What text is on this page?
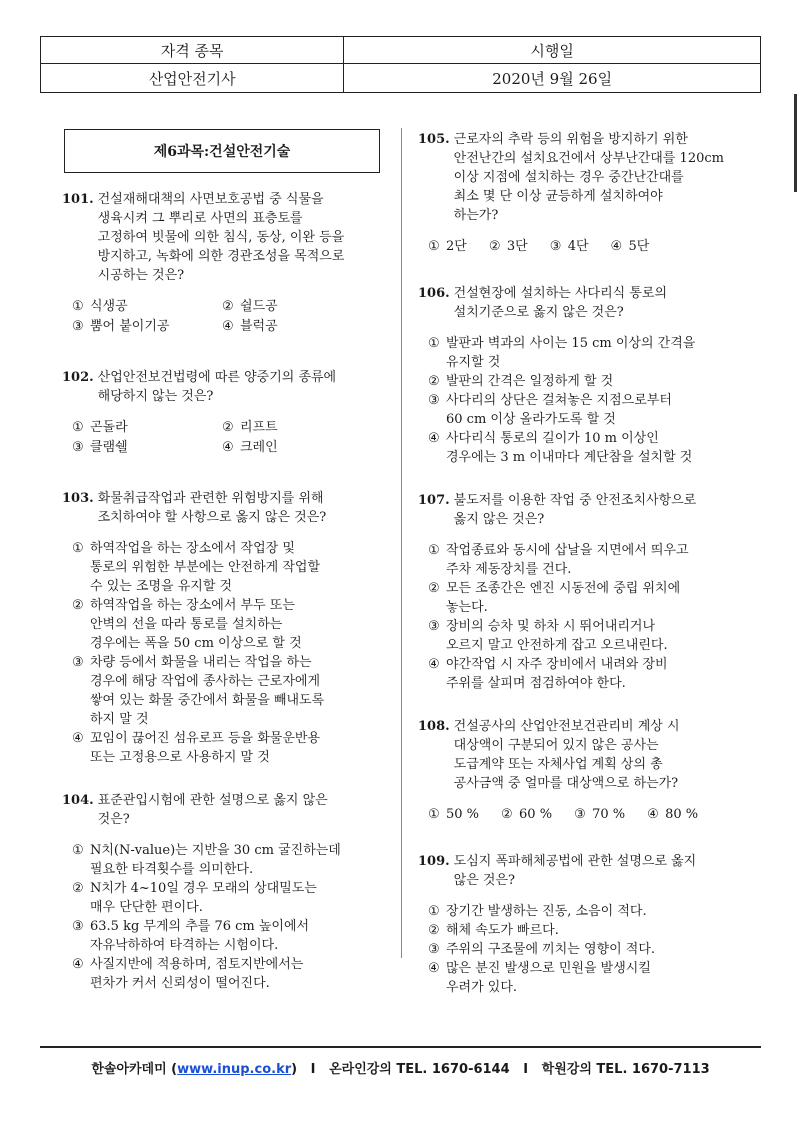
자격 종목	시행일
산업안전기사	2020년 9월 26일
제6과목:건설안전기술
101. 건설재해대책의 사면보호공법 중 식물을
생육시켜 그 뿌리로 사면의 표층토를
고정하여 빗물에 의한 침식, 동상, 이완 등을
방지하고, 녹화에 의한 경관조성을 목적으로
시공하는 것은?
① 식생공	② 쉴드공
③ 뿜어 붙이기공	④ 블럭공
102. 산업안전보건법령에 따른 양중기의 종류에
해당하지 않는 것은?
① 곤돌라	② 리프트
③ 클램쉘	④ 크레인
103. 화물취급작업과 관련한 위험방지를 위해
조치하여야 할 사항으로 옳지 않은 것은?
① 하역작업을 하는 장소에서 작업장 및
통로의 위험한 부분에는 안전하게 작업할
수 있는 조명을 유지할 것
② 하역작업을 하는 장소에서 부두 또는
안벽의 선을 따라 통로를 설치하는
경우에는 폭을 50 cm 이상으로 할 것
③ 차량 등에서 화물을 내리는 작업을 하는
경우에 해당 작업에 종사하는 근로자에게
쌓여 있는 화물 중간에서 화물을 빼내도록
하지 말 것
④ 꼬임이 끊어진 섬유로프 등을 화물운반용
또는 고정용으로 사용하지 말 것
104. 표준관입시험에 관한 설명으로 옳지 않은
것은?
① N치(N-value)는 지반을 30 cm 굴진하는데
필요한 타격횟수를 의미한다.
② N치가 4~10일 경우 모래의 상대밀도는
매우 단단한 편이다.
③ 63.5 kg 무게의 추를 76 cm 높이에서
자유낙하하여 타격하는 시험이다.
④ 사질지반에 적용하며, 점토지반에서는
편차가 커서 신뢰성이 떨어진다.
105. 근로자의 추락 등의 위험을 방지하기 위한
안전난간의 설치요건에서 상부난간대를 120cm
이상 지점에 설치하는 경우 중간난간대를
최소 몇 단 이상 균등하게 설치하여야
하는가?
① 2단 ② 3단 ③ 4단 ④ 5단
106. 건설현장에 설치하는 사다리식 통로의
설치기준으로 옳지 않은 것은?
① 발판과 벽과의 사이는 15 cm 이상의 간격을
유지할 것
② 발판의 간격은 일정하게 할 것
③ 사다리의 상단은 걸쳐놓은 지점으로부터
60 cm 이상 올라가도록 할 것
④ 사다리식 통로의 길이가 10 m 이상인
경우에는 3 m 이내마다 계단참을 설치할 것
107. 불도저를 이용한 작업 중 안전조치사항으로
옳지 않은 것은?
① 작업종료와 동시에 삽날을 지면에서 띄우고
주차 제동장치를 건다.
② 모든 조종간은 엔진 시동전에 중립 위치에
놓는다.
③ 장비의 승차 및 하차 시 뛰어내리거나
오르지 말고 안전하게 잡고 오르내린다.
④ 야간작업 시 자주 장비에서 내려와 장비
주위를 살피며 점검하여야 한다.
108. 건설공사의 산업안전보건관리비 계상 시
대상액이 구분되어 있지 않은 공사는
도급계약 또는 자체사업 계획 상의 총
공사금액 중 얼마를 대상액으로 하는가?
① 50 % ② 60 % ③ 70 % ④ 80 %
109. 도심지 폭파해체공법에 관한 설명으로 옳지
않은 것은?
① 장기간 발생하는 진동, 소음이 적다.
② 해체 속도가 빠르다.
③ 주위의 구조물에 끼치는 영향이 적다.
④ 많은 분진 발생으로 민원을 발생시킬
우려가 있다.
한솔아카데미 (www.inup.co.kr) I 온라인강의 TEL. 1670-6144 I 학원강의 TEL. 1670-7113
